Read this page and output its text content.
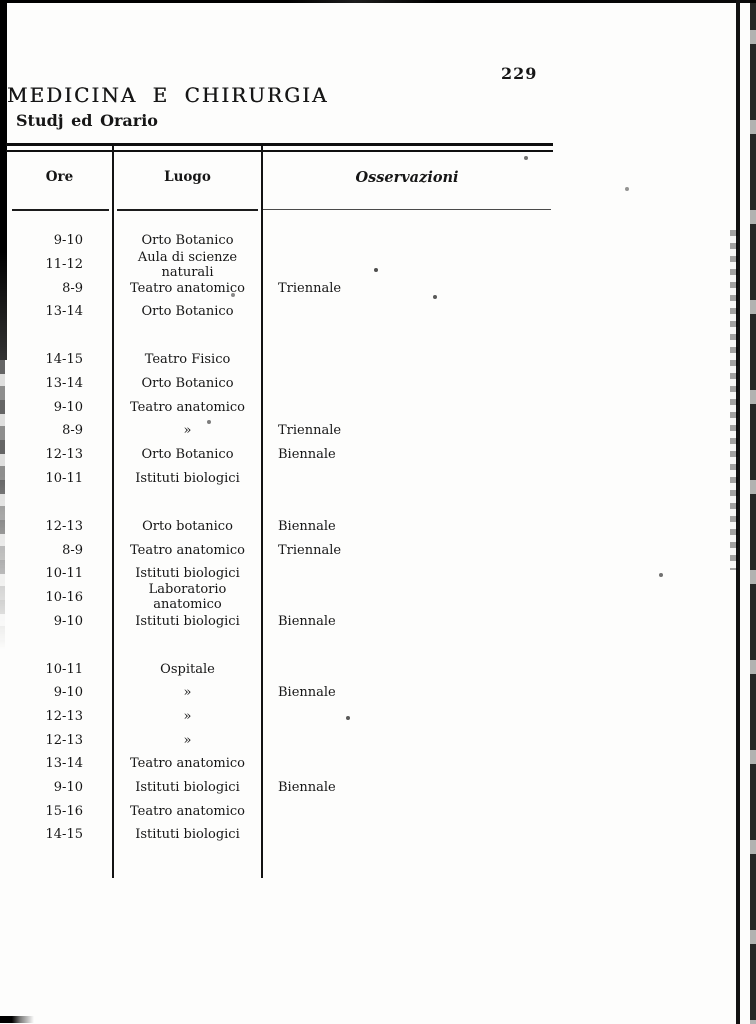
229
MEDICINA E CHIRURGIA
Studj ed Orario
Ore	Luogo	Osservazioni
9-10	Orto Botanico
11-12	Aula di scienze naturali
8-9	Teatro anatomico	Triennale
13-14	Orto Botanico
14-15	Teatro Fisico
13-14	Orto Botanico
9-10	Teatro anatomico
8-9	»	Triennale
12-13	Orto Botanico	Biennale
10-11	Istituti biologici
12-13	Orto botanico	Biennale
8-9	Teatro anatomico	Triennale
10-11	Istituti biologici
10-16	Laboratorio anatomico
9-10	Istituti biologici	Biennale
10-11	Ospitale
9-10	»	Biennale
12-13	»
12-13	»
13-14	Teatro anatomico
9-10	Istituti biologici	Biennale
15-16	Teatro anatomico
14-15	Istituti biologici
